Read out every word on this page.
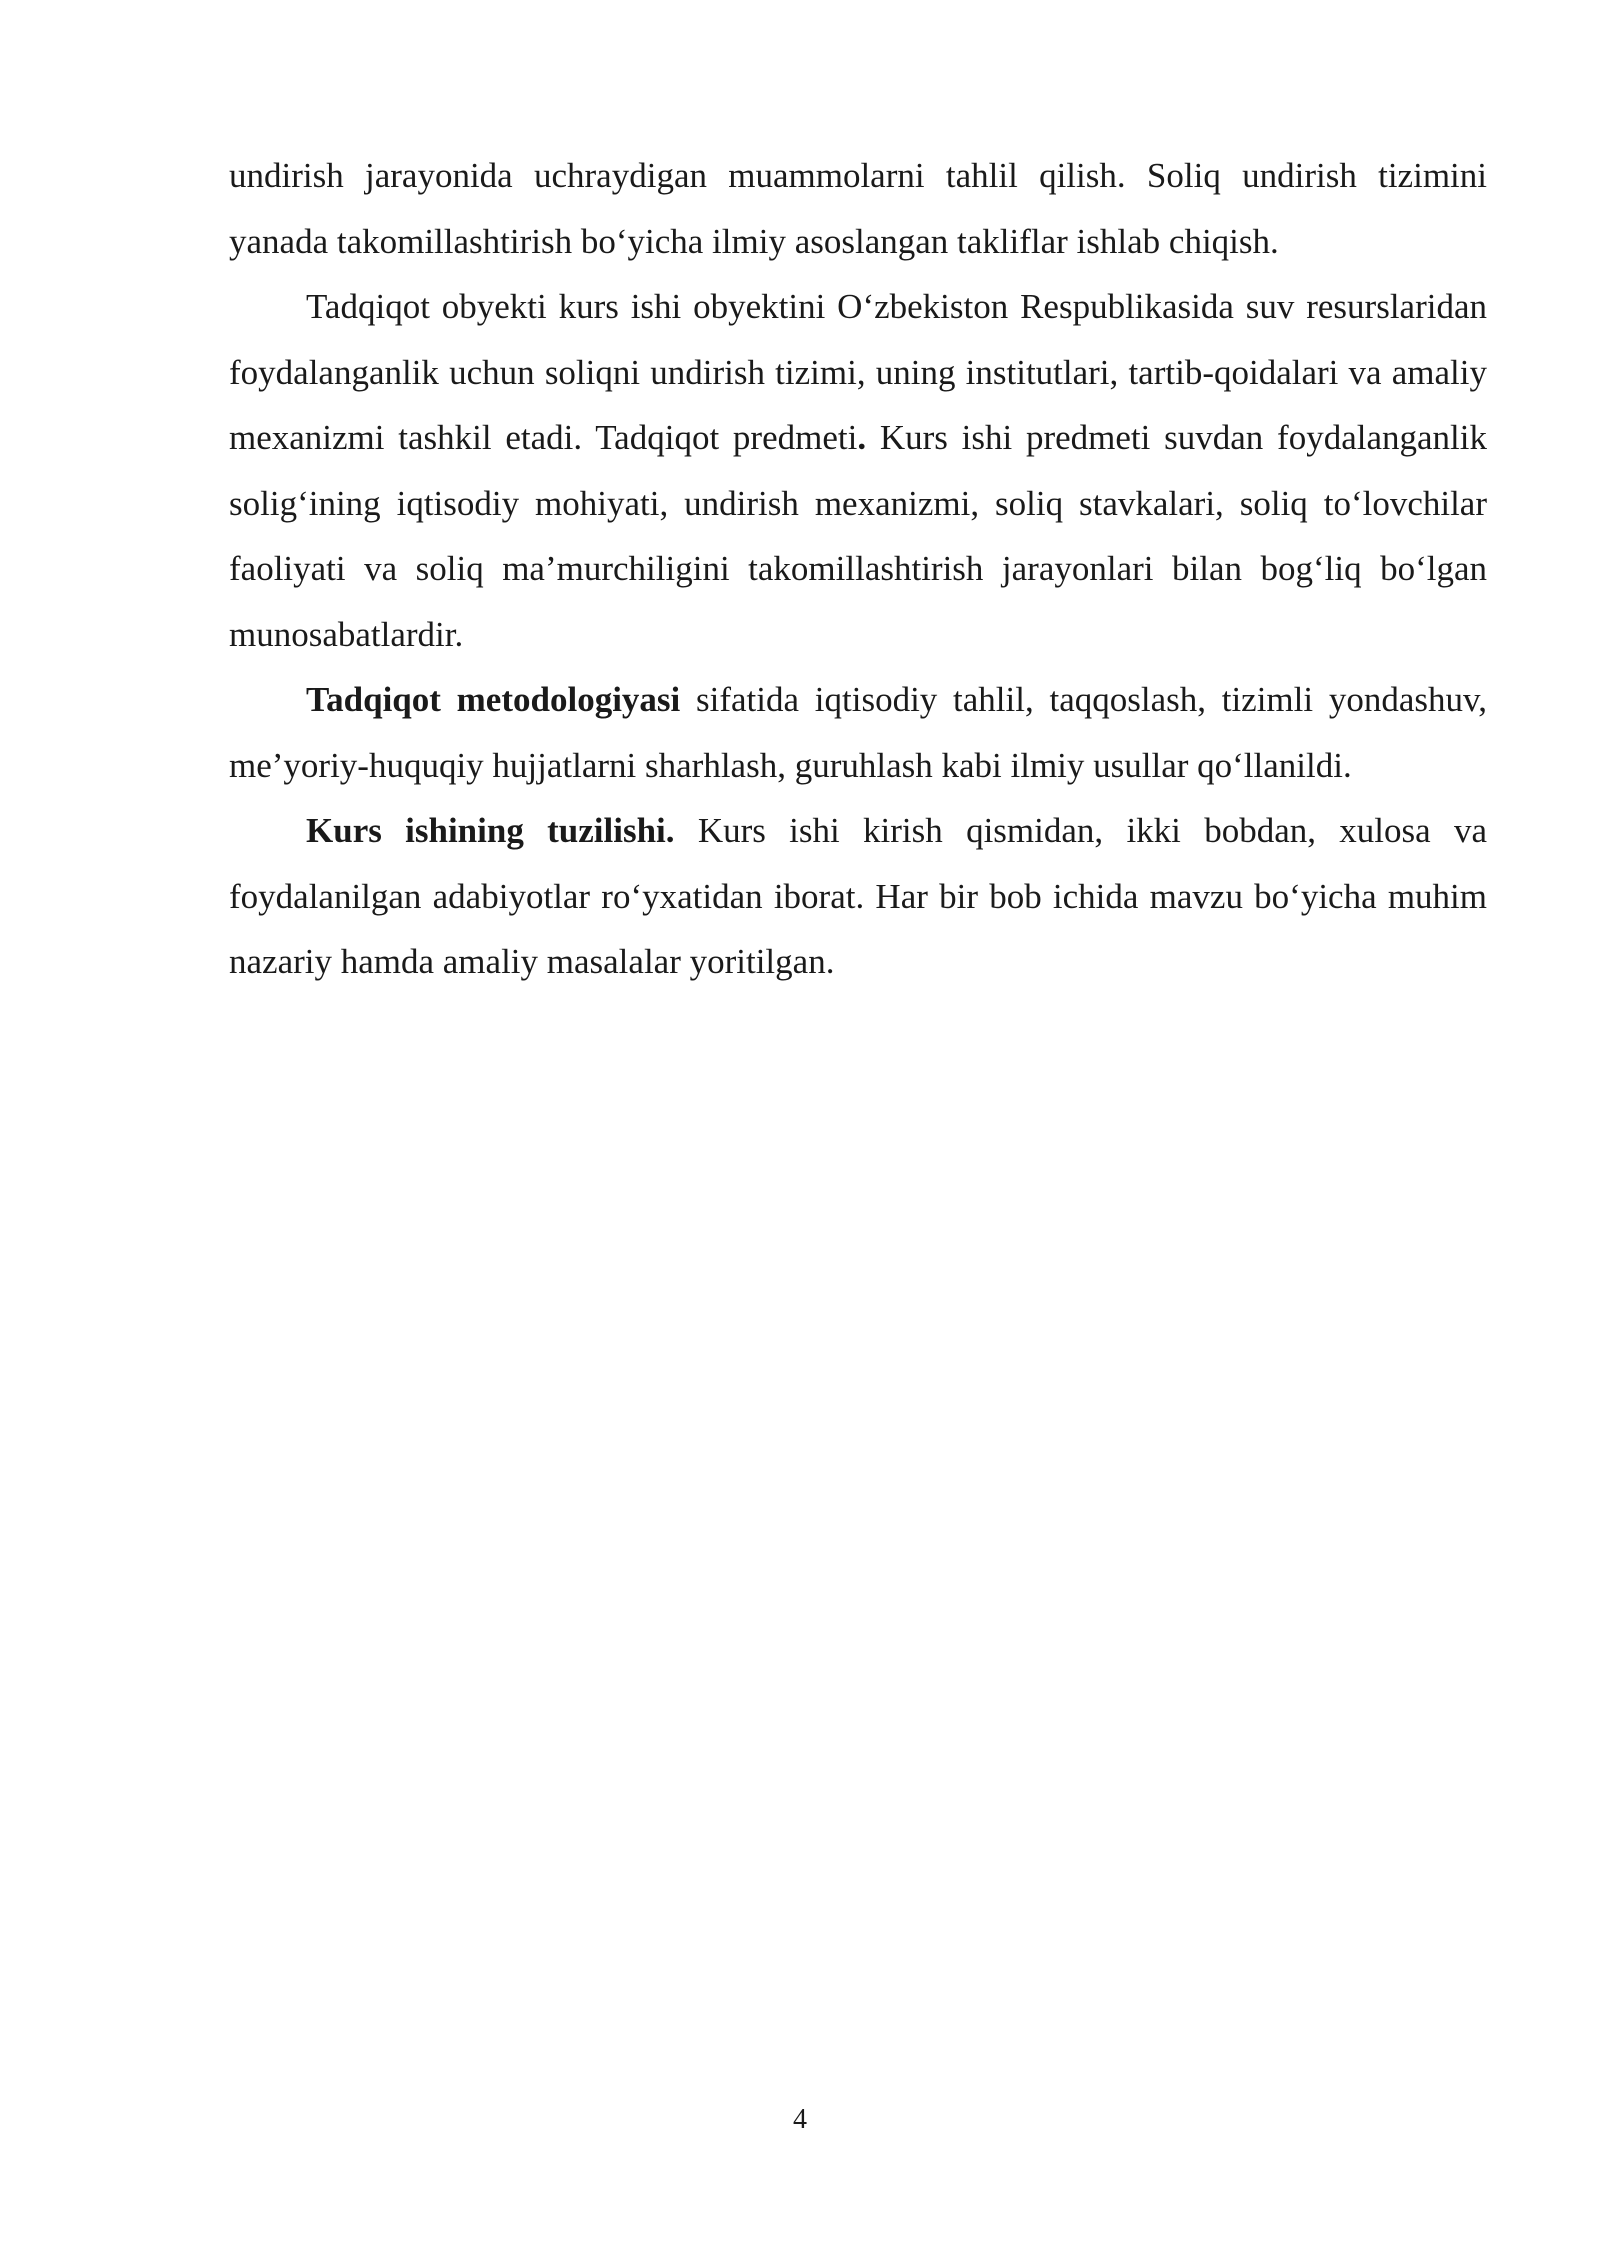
undirish jarayonida uchraydigan muammolarni tahlil qilish. Soliq undirish tizimini yanada takomillashtirish bo‘yicha ilmiy asoslangan takliflar ishlab chiqish.

Tadqiqot obyekti kurs ishi obyektini O‘zbekiston Respublikasida suv resurslaridan foydalanganlik uchun soliqni undirish tizimi, uning institutlari, tartib-qoidalari va amaliy mexanizmi tashkil etadi. Tadqiqot predmeti. Kurs ishi predmeti suvdan foydalanganlik solig‘ining iqtisodiy mohiyati, undirish mexanizmi, soliq stavkalari, soliq to‘lovchilar faoliyati va soliq ma’murchiligini takomillashtirish jarayonlari bilan bog‘liq bo‘lgan munosabatlardir.

Tadqiqot metodologiyasi sifatida iqtisodiy tahlil, taqqoslash, tizimli yondashuv, me’yoriy-huquqiy hujjatlarni sharhlash, guruhlash kabi ilmiy usullar qo‘llanildi.

Kurs ishining tuzilishi. Kurs ishi kirish qismidan, ikki bobdan, xulosa va foydalanilgan adabiyotlar ro‘yxatidan iborat. Har bir bob ichida mavzu bo‘yicha muhim nazariy hamda amaliy masalalar yoritilgan.

4
